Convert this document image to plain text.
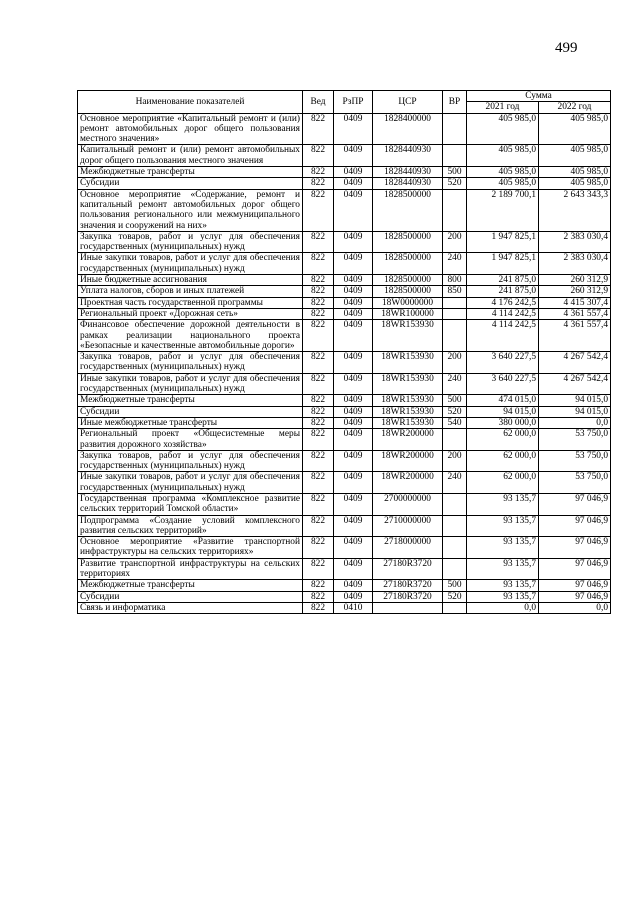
499
Наименование показателей	Вед	РзПР	ЦСР	ВР	Сумма	
					2021 год	2022 год
Основное мероприятие «Капитальный ремонт и (или) ремонт автомобильных дорог общего пользования местного значения»	822	0409	1828400000		405 985,0	405 985,0
Капитальный ремонт и (или) ремонт автомобильных дорог общего пользования местного значения	822	0409	1828440930		405 985,0	405 985,0
Межбюджетные трансферты	822	0409	1828440930	500	405 985,0	405 985,0
Субсидии	822	0409	1828440930	520	405 985,0	405 985,0
Основное мероприятие «Содержание, ремонт и капитальный ремонт автомобильных дорог общего пользования регионального или межмуниципального значения и сооружений на них»	822	0409	1828500000		2 189 700,1	2 643 343,3
Закупка товаров, работ и услуг для обеспечения государственных (муниципальных) нужд	822	0409	1828500000	200	1 947 825,1	2 383 030,4
Иные закупки товаров, работ и услуг для обеспечения государственных (муниципальных) нужд	822	0409	1828500000	240	1 947 825,1	2 383 030,4
Иные бюджетные ассигнования	822	0409	1828500000	800	241 875,0	260 312,9
Уплата налогов, сборов и иных платежей	822	0409	1828500000	850	241 875,0	260 312,9
Проектная часть государственной программы	822	0409	18W0000000		4 176 242,5	4 415 307,4
Региональный проект «Дорожная сеть»	822	0409	18WR100000		4 114 242,5	4 361 557,4
Финансовое обеспечение дорожной деятельности в рамках реализации национального проекта «Безопасные и качественные автомобильные дороги»	822	0409	18WR153930		4 114 242,5	4 361 557,4
Закупка товаров, работ и услуг для обеспечения государственных (муниципальных) нужд	822	0409	18WR153930	200	3 640 227,5	4 267 542,4
Иные закупки товаров, работ и услуг для обеспечения государственных (муниципальных) нужд	822	0409	18WR153930	240	3 640 227,5	4 267 542,4
Межбюджетные трансферты	822	0409	18WR153930	500	474 015,0	94 015,0
Субсидии	822	0409	18WR153930	520	94 015,0	94 015,0
Иные межбюджетные трансферты	822	0409	18WR153930	540	380 000,0	0,0
Региональный проект «Общесистемные меры развития дорожного хозяйства»	822	0409	18WR200000		62 000,0	53 750,0
Закупка товаров, работ и услуг для обеспечения государственных (муниципальных) нужд	822	0409	18WR200000	200	62 000,0	53 750,0
Иные закупки товаров, работ и услуг для обеспечения государственных (муниципальных) нужд	822	0409	18WR200000	240	62 000,0	53 750,0
Государственная программа «Комплексное развитие сельских территорий Томской области»	822	0409	2700000000		93 135,7	97 046,9
Подпрограмма «Создание условий комплексного развития сельских территорий»	822	0409	2710000000		93 135,7	97 046,9
Основное мероприятие «Развитие транспортной инфраструктуры на сельских территориях»	822	0409	2718000000		93 135,7	97 046,9
Развитие транспортной инфраструктуры на сельских территориях	822	0409	27180R3720		93 135,7	97 046,9
Межбюджетные трансферты	822	0409	27180R3720	500	93 135,7	97 046,9
Субсидии	822	0409	27180R3720	520	93 135,7	97 046,9
Связь и информатика	822	0410			0,0	0,0
